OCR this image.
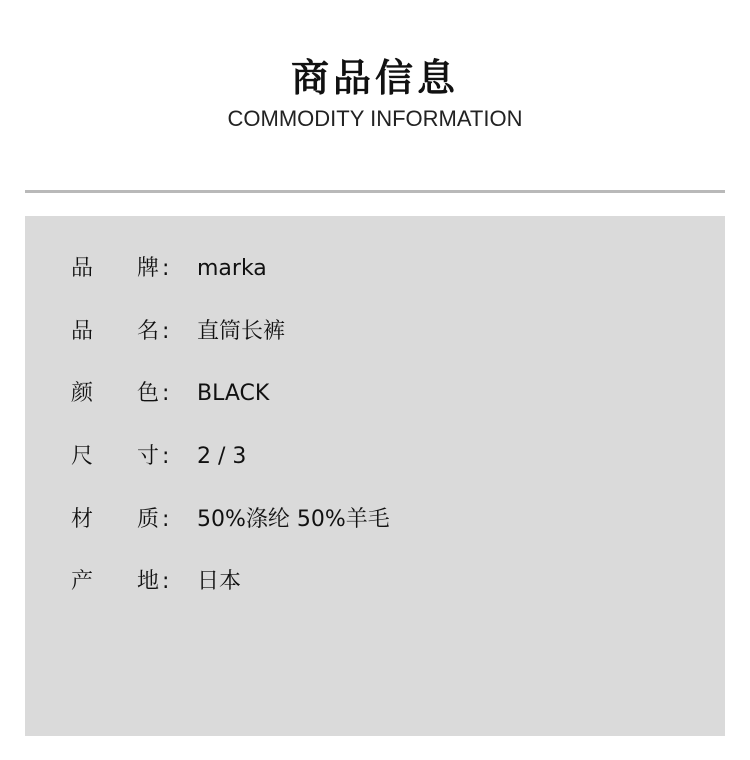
商品信息
COMMODITY INFORMATION
品	牌 :	marka
品	名 :	直筒长裤
颜	色 :	BLACK
尺	寸 :	2 / 3
材	质 :	50%涤纶 50%羊毛
产	地 :	日本
